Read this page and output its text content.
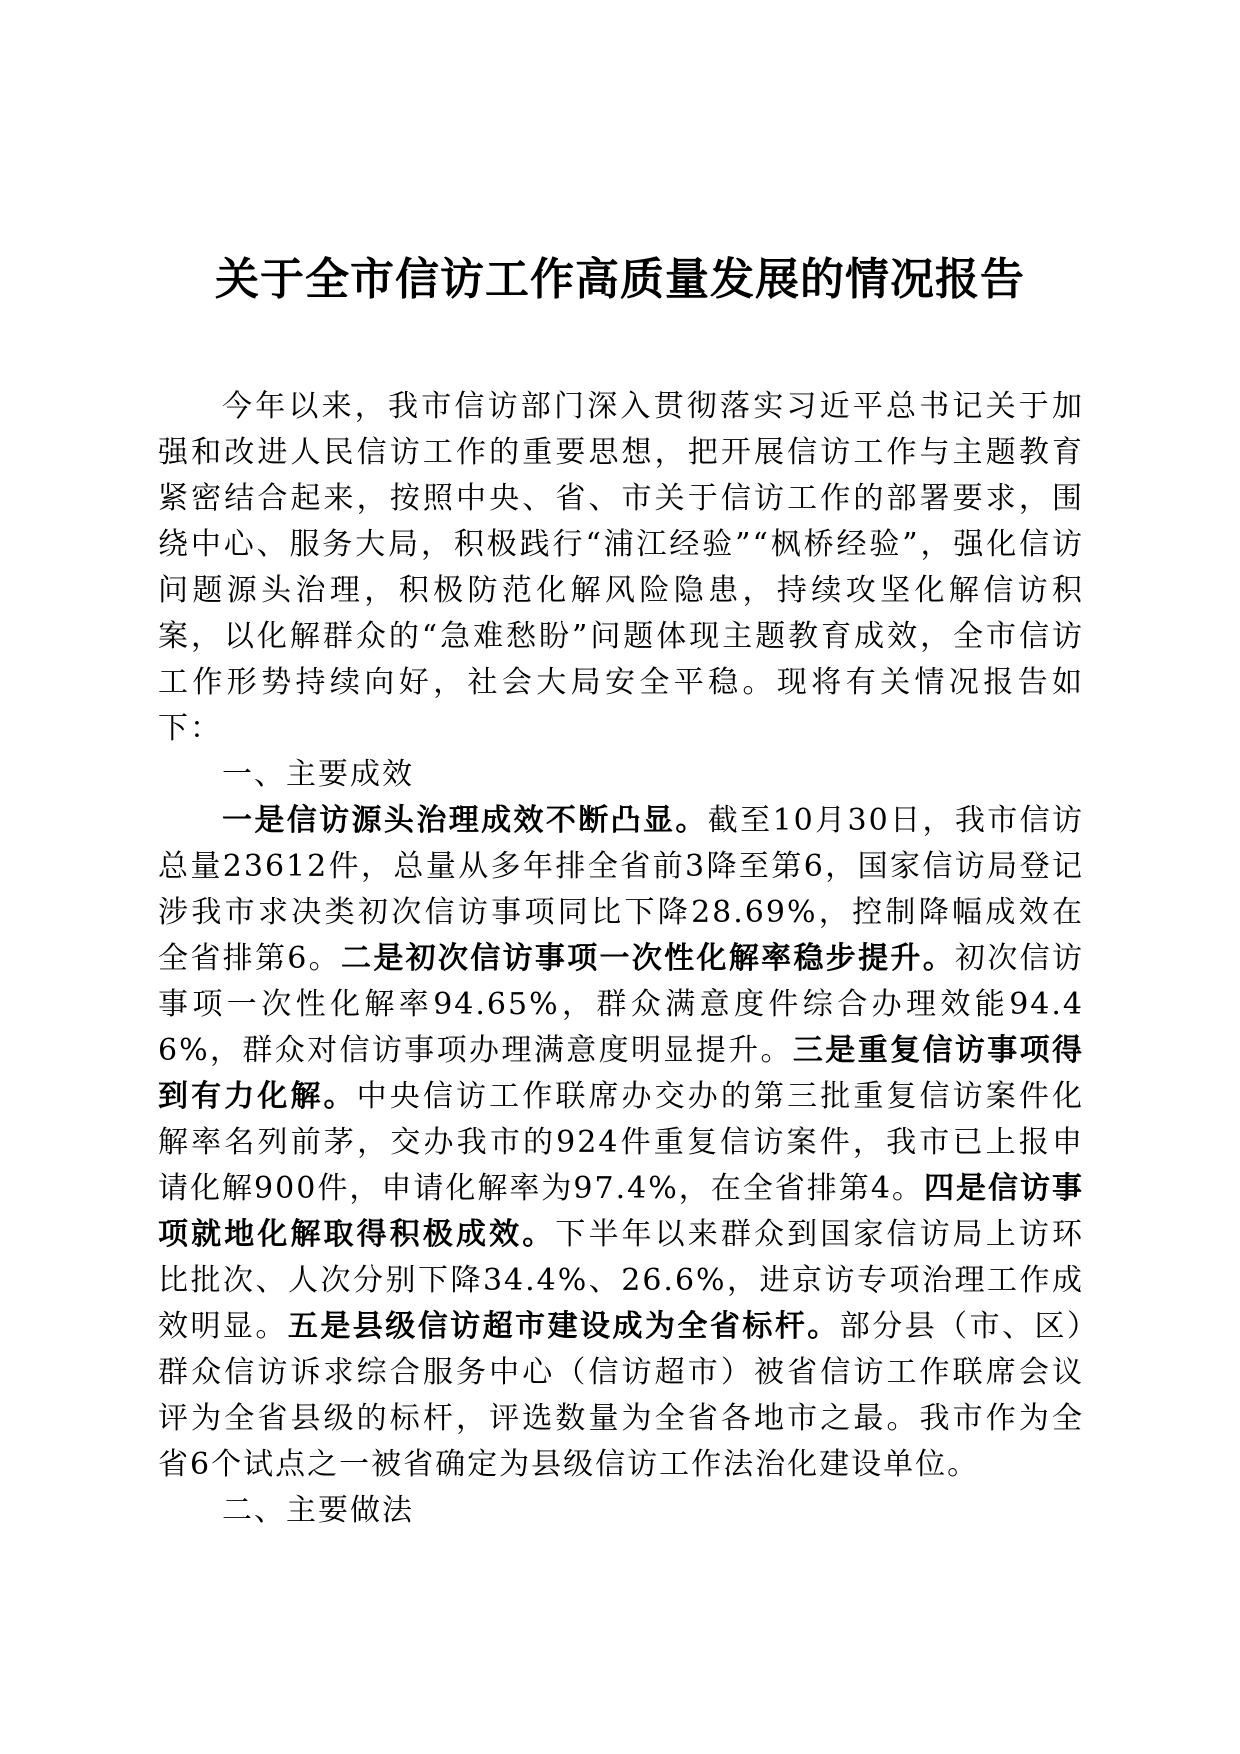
关于全市信访工作高质量发展的情况报告

今年以来，我市信访部门深入贯彻落实习近平总书记关于加强和改进人民信访工作的重要思想，把开展信访工作与主题教育紧密结合起来，按照中央、省、市关于信访工作的部署要求，围绕中心、服务大局，积极践行“浦江经验”“枫桥经验”，强化信访问题源头治理，积极防范化解风险隐患，持续攻坚化解信访积案，以化解群众的“急难愁盼”问题体现主题教育成效，全市信访工作形势持续向好，社会大局安全平稳。现将有关情况报告如下：

一、主要成效

一是信访源头治理成效不断凸显。截至10月30日，我市信访总量23612件，总量从多年排全省前3降至第6，国家信访局登记涉我市求决类初次信访事项同比下降28.69%，控制降幅成效在全省排第6。二是初次信访事项一次性化解率稳步提升。初次信访事项一次性化解率94.65%，群众满意度件综合办理效能94.46%，群众对信访事项办理满意度明显提升。三是重复信访事项得到有力化解。中央信访工作联席办交办的第三批重复信访案件化解率名列前茅，交办我市的924件重复信访案件，我市已上报申请化解900件，申请化解率为97.4%，在全省排第4。四是信访事项就地化解取得积极成效。下半年以来群众到国家信访局上访环比批次、人次分别下降34.4%、26.6%，进京访专项治理工作成效明显。五是县级信访超市建设成为全省标杆。部分县（市、区）群众信访诉求综合服务中心（信访超市）被省信访工作联席会议评为全省县级的标杆，评选数量为全省各地市之最。我市作为全省6个试点之一被省确定为县级信访工作法治化建设单位。

二、主要做法
